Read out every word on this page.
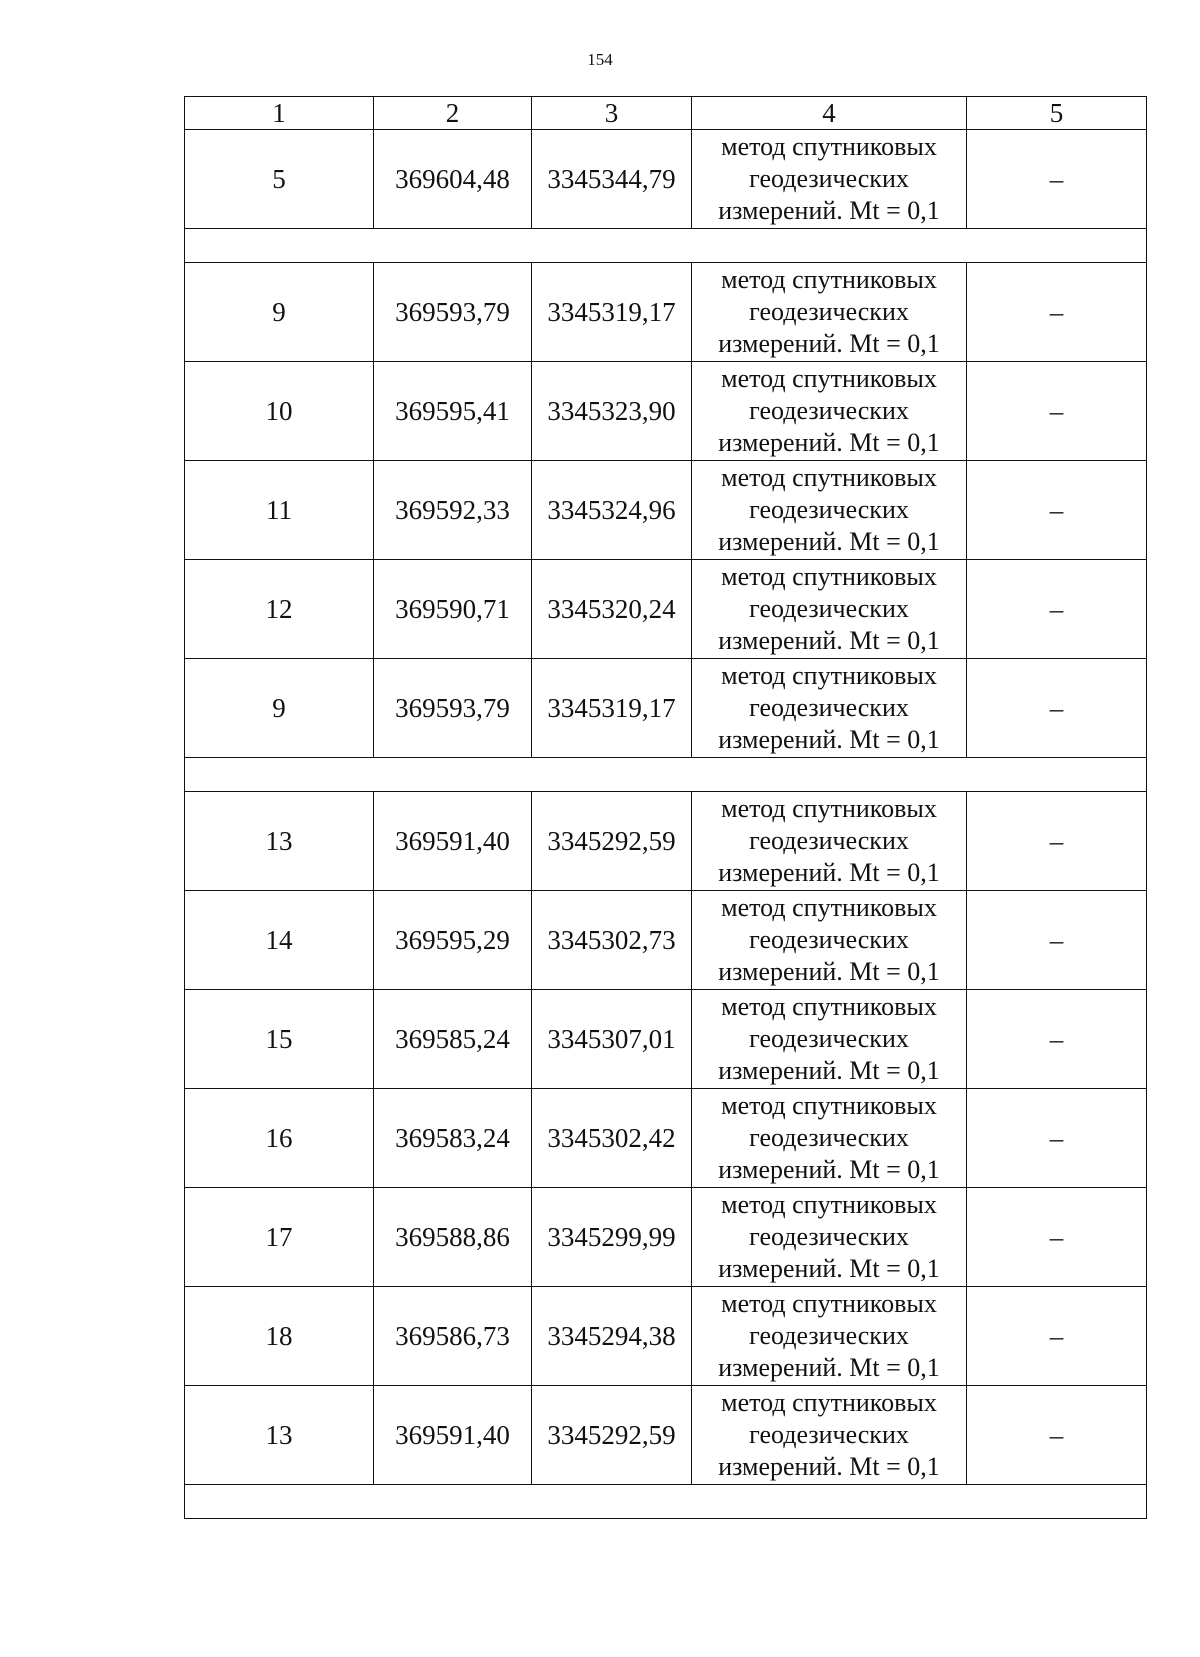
154
1	2	3	4	5
5	369604,48	3345344,79	метод спутниковых геодезических измерений. Mt = 0,1	–

9	369593,79	3345319,17	метод спутниковых геодезических измерений. Mt = 0,1	–
10	369595,41	3345323,90	метод спутниковых геодезических измерений. Mt = 0,1	–
11	369592,33	3345324,96	метод спутниковых геодезических измерений. Mt = 0,1	–
12	369590,71	3345320,24	метод спутниковых геодезических измерений. Mt = 0,1	–
9	369593,79	3345319,17	метод спутниковых геодезических измерений. Mt = 0,1	–

13	369591,40	3345292,59	метод спутниковых геодезических измерений. Mt = 0,1	–
14	369595,29	3345302,73	метод спутниковых геодезических измерений. Mt = 0,1	–
15	369585,24	3345307,01	метод спутниковых геодезических измерений. Mt = 0,1	–
16	369583,24	3345302,42	метод спутниковых геодезических измерений. Mt = 0,1	–
17	369588,86	3345299,99	метод спутниковых геодезических измерений. Mt = 0,1	–
18	369586,73	3345294,38	метод спутниковых геодезических измерений. Mt = 0,1	–
13	369591,40	3345292,59	метод спутниковых геодезических измерений. Mt = 0,1	–
